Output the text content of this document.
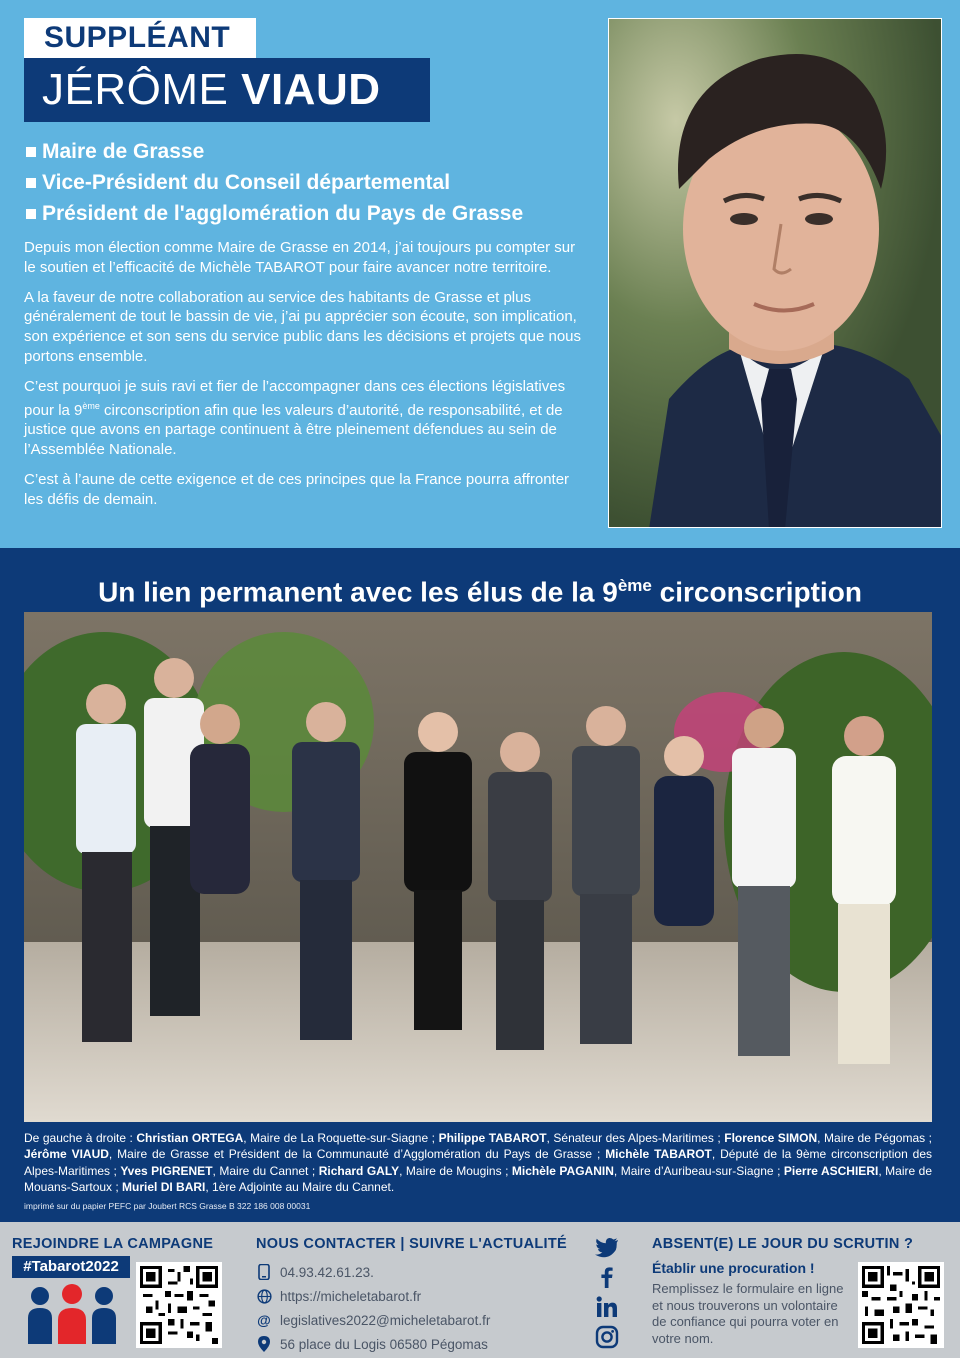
SUPPLÉANT
JÉRÔME VIAUD
Maire de Grasse
Vice-Président du Conseil départemental
Président de l'agglomération du Pays de Grasse

Depuis mon élection comme Maire de Grasse en 2014, j’ai toujours pu compter sur le soutien et l’efficacité de Michèle TABAROT pour faire avancer notre territoire.

A la faveur de notre collaboration au service des habitants de Grasse et plus généralement de tout le bassin de vie, j’ai pu apprécier son écoute, son implication, son expérience et son sens du service public dans les décisions et projets que nous portons ensemble.

C’est pourquoi je suis ravi et fier de l’accompagner dans ces élections législatives pour la 9ème circonscription afin que les valeurs d’autorité, de responsabilité, et de justice que avons en partage continuent à être pleinement défendues au sein de l’Assemblée Nationale.

C’est à l’aune de cette exigence et de ces principes que la France pourra affronter les défis de demain.

Un lien permanent avec les élus de la 9ème circonscription

De gauche à droite : Christian ORTEGA, Maire de La Roquette-sur-Siagne ; Philippe TABAROT, Sénateur des Alpes-Maritimes ; Florence SIMON, Maire de Pégomas ; Jérôme VIAUD, Maire de Grasse et Président de la Communauté d’Agglomération du Pays de Grasse ; Michèle TABAROT, Député de la 9ème circonscription des Alpes-Maritimes ; Yves PIGRENET, Maire du Cannet ; Richard GALY, Maire de Mougins ; Michèle PAGANIN, Maire d’Auribeau-sur-Siagne ; Pierre ASCHIERI, Maire de Mouans-Sartoux ; Muriel DI BARI, 1ère Adjointe au Maire du Cannet.

imprimé sur du papier PEFC par Joubert RCS Grasse B 322 186 008 00031
REJOINDRE LA CAMPAGNE
#Tabarot2022
NOUS CONTACTER | SUIVRE L'ACTUALITÉ
04.93.42.61.23.
https://micheletabarot.fr
@ legislatives2022@micheletabarot.fr
56 place du Logis 06580 Pégomas
ABSENT(E) LE JOUR DU SCRUTIN ?
Établir une procuration !
Remplissez le formulaire en ligne et nous trouverons un volontaire de confiance qui pourra voter en votre nom.
